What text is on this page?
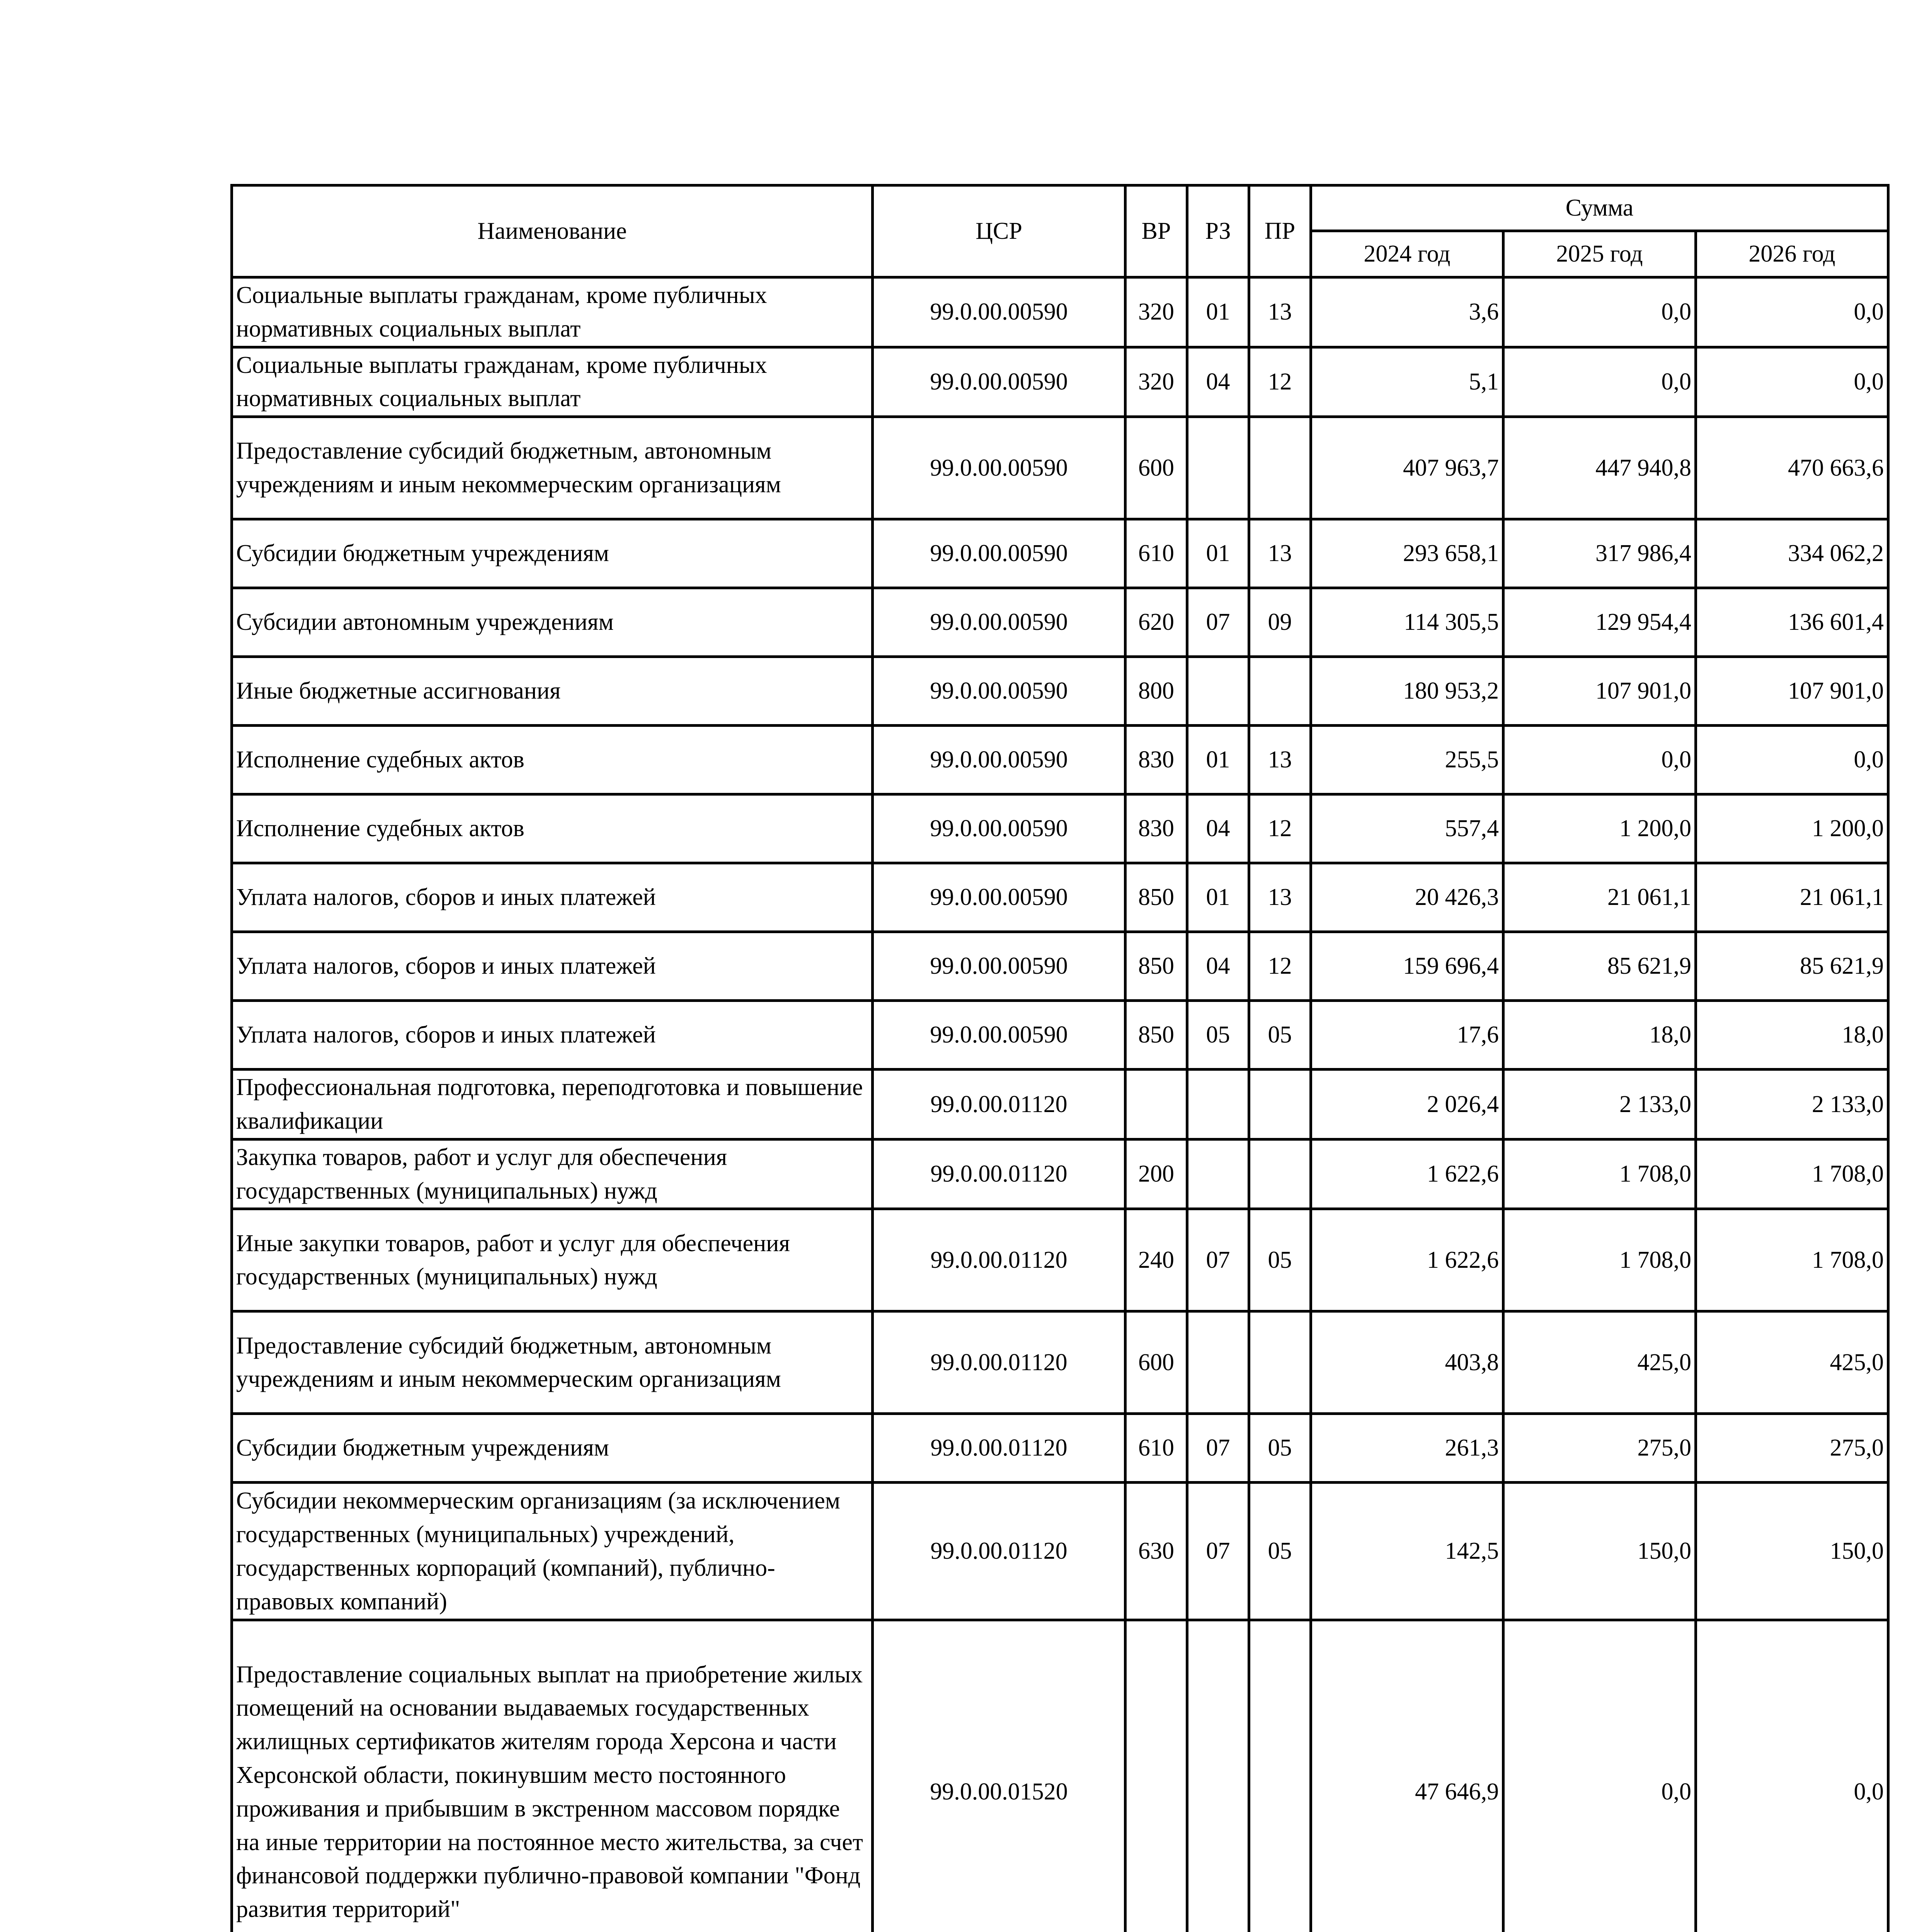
Наименование	ЦСР	ВР	РЗ	ПР	Сумма		
					2024 год	2025 год	2026 год
Социальные выплаты гражданам, кроме публичных нормативных социальных выплат	99.0.00.00590	320	01	13	3,6	0,0	0,0
Социальные выплаты гражданам, кроме публичных нормативных социальных выплат	99.0.00.00590	320	04	12	5,1	0,0	0,0
Предоставление субсидий бюджетным, автономным учреждениям и иным некоммерческим организациям	99.0.00.00590	600			407 963,7	447 940,8	470 663,6
Субсидии бюджетным учреждениям	99.0.00.00590	610	01	13	293 658,1	317 986,4	334 062,2
Субсидии автономным учреждениям	99.0.00.00590	620	07	09	114 305,5	129 954,4	136 601,4
Иные бюджетные ассигнования	99.0.00.00590	800			180 953,2	107 901,0	107 901,0
Исполнение судебных актов	99.0.00.00590	830	01	13	255,5	0,0	0,0
Исполнение судебных актов	99.0.00.00590	830	04	12	557,4	1 200,0	1 200,0
Уплата налогов, сборов и иных платежей	99.0.00.00590	850	01	13	20 426,3	21 061,1	21 061,1
Уплата налогов, сборов и иных платежей	99.0.00.00590	850	04	12	159 696,4	85 621,9	85 621,9
Уплата налогов, сборов и иных платежей	99.0.00.00590	850	05	05	17,6	18,0	18,0
Профессиональная подготовка, переподготовка и повышение квалификации	99.0.00.01120				2 026,4	2 133,0	2 133,0
Закупка товаров, работ и услуг для обеспечения государственных (муниципальных) нужд	99.0.00.01120	200			1 622,6	1 708,0	1 708,0
Иные закупки товаров, работ и услуг для обеспечения государственных (муниципальных) нужд	99.0.00.01120	240	07	05	1 622,6	1 708,0	1 708,0
Предоставление субсидий бюджетным, автономным учреждениям и иным некоммерческим организациям	99.0.00.01120	600			403,8	425,0	425,0
Субсидии бюджетным учреждениям	99.0.00.01120	610	07	05	261,3	275,0	275,0
Субсидии некоммерческим организациям (за исключением государственных (муниципальных) учреждений, государственных корпораций (компаний), публично-правовых компаний)	99.0.00.01120	630	07	05	142,5	150,0	150,0
Предоставление социальных выплат на приобретение жилых помещений на основании выдаваемых государственных жилищных сертификатов жителям города Херсона и части Херсонской области, покинувшим место постоянного проживания и прибывшим в экстренном массовом порядке на иные территории на постоянное место жительства, за счет финансовой поддержки публично-правовой компании "Фонд развития территорий"	99.0.00.01520				47 646,9	0,0	0,0
